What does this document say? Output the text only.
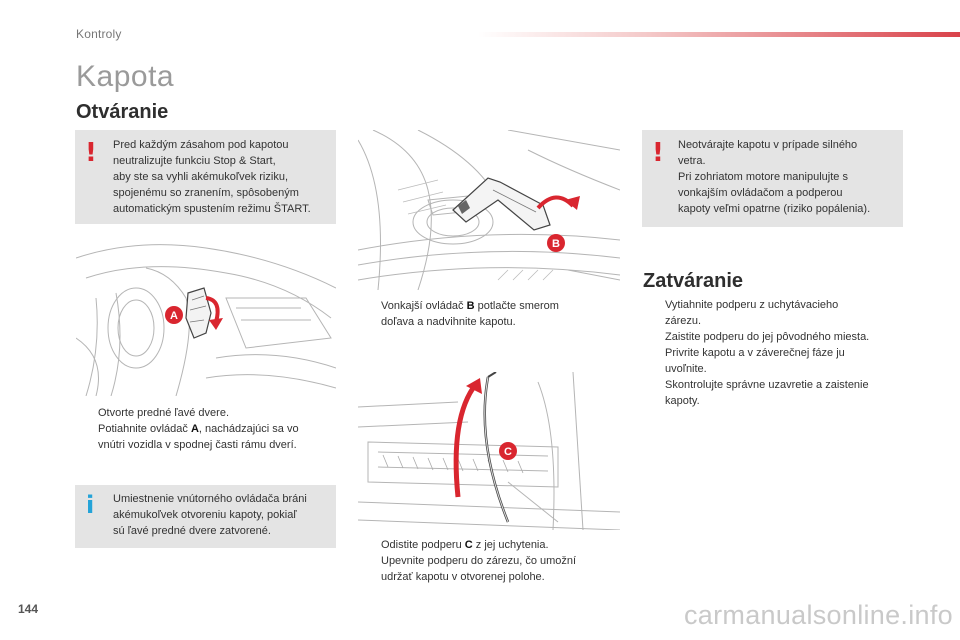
Kontroly
Kapota
Otváranie
! Pred každým zásahom pod kapotou
neutralizujte funkciu Stop & Start,
aby ste sa vyhli akémukoľvek riziku,
spojenému so zranením, spôsobeným
automatickým spustením režimu ŠTART.
A
Otvorte predné ľavé dvere.
Potiahnite ovládač A, nachádzajúci sa vo
vnútri vozidla v spodnej časti rámu dverí.
i Umiestnenie vnútorného ovládača bráni
akémukoľvek otvoreniu kapoty, pokiaľ
sú ľavé predné dvere zatvorené.
B
Vonkajší ovládač B potlačte smerom
doľava a nadvihnite kapotu.
C
Odistite podperu C z jej uchytenia.
Upevnite podperu do zárezu, čo umožní
udržať kapotu v otvorenej polohe.
! Neotvárajte kapotu v prípade silného
vetra.
Pri zohriatom motore manipulujte s
vonkajším ovládačom a podperou
kapoty veľmi opatrne (riziko popálenia).
Zatváranie
Vytiahnite podperu z uchytávacieho
zárezu.
Zaistite podperu do jej pôvodného miesta.
Privrite kapotu a v záverečnej fáze ju
uvoľnite.
Skontrolujte správne uzavretie a zaistenie
kapoty.
144	carmanualsonline.info
